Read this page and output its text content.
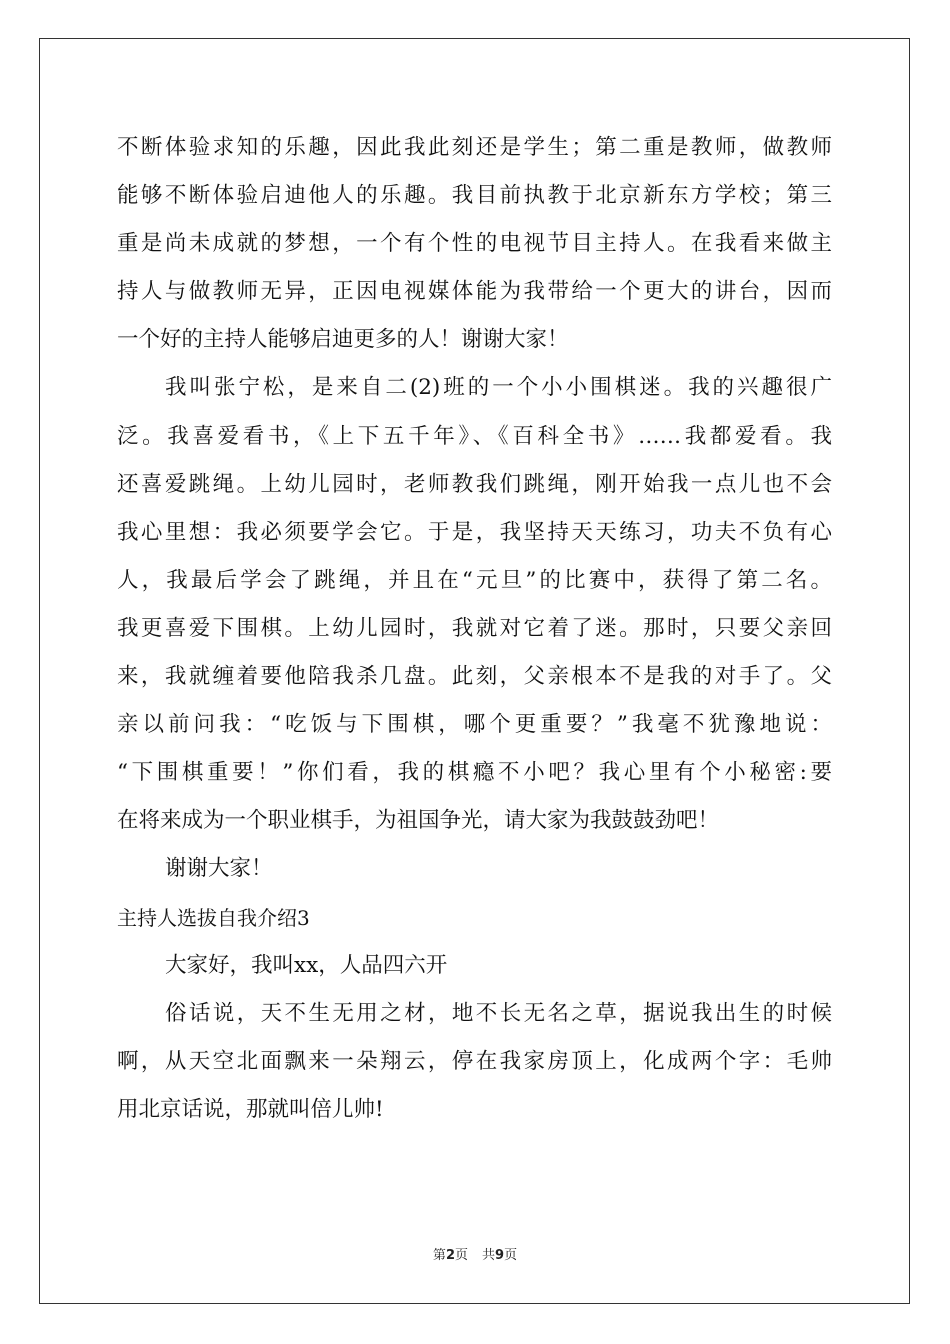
不断体验求知的乐趣，因此我此刻还是学生；第二重是教师，做教师
能够不断体验启迪他人的乐趣。我目前执教于北京新东方学校；第三
重是尚未成就的梦想，一个有个性的电视节目主持人。在我看来做主
持人与做教师无异，正因电视媒体能为我带给一个更大的讲台，因而
一个好的主持人能够启迪更多的人！谢谢大家！
我叫张宁松，是来自二(2)班的一个小小围棋迷。我的兴趣很广
泛。我喜爱看书，《上下五千年》、《百科全书》……我都爱看。我
还喜爱跳绳。上幼儿园时，老师教我们跳绳，刚开始我一点儿也不会
我心里想：我必须要学会它。于是，我坚持天天练习，功夫不负有心
人，我最后学会了跳绳，并且在“元旦”的比赛中，获得了第二名。
我更喜爱下围棋。上幼儿园时，我就对它着了迷。那时，只要父亲回
来，我就缠着要他陪我杀几盘。此刻，父亲根本不是我的对手了。父
亲以前问我：“吃饭与下围棋，哪个更重要？”我毫不犹豫地说：
“下围棋重要！”你们看，我的棋瘾不小吧？我心里有个小秘密:要
在将来成为一个职业棋手，为祖国争光，请大家为我鼓鼓劲吧！
谢谢大家！
主持人选拔自我介绍3
大家好，我叫xx，人品四六开
俗话说，天不生无用之材，地不长无名之草，据说我出生的时候
啊，从天空北面飘来一朵翔云，停在我家房顶上，化成两个字：毛帅
用北京话说，那就叫倍儿帅!
第2页 共9页
